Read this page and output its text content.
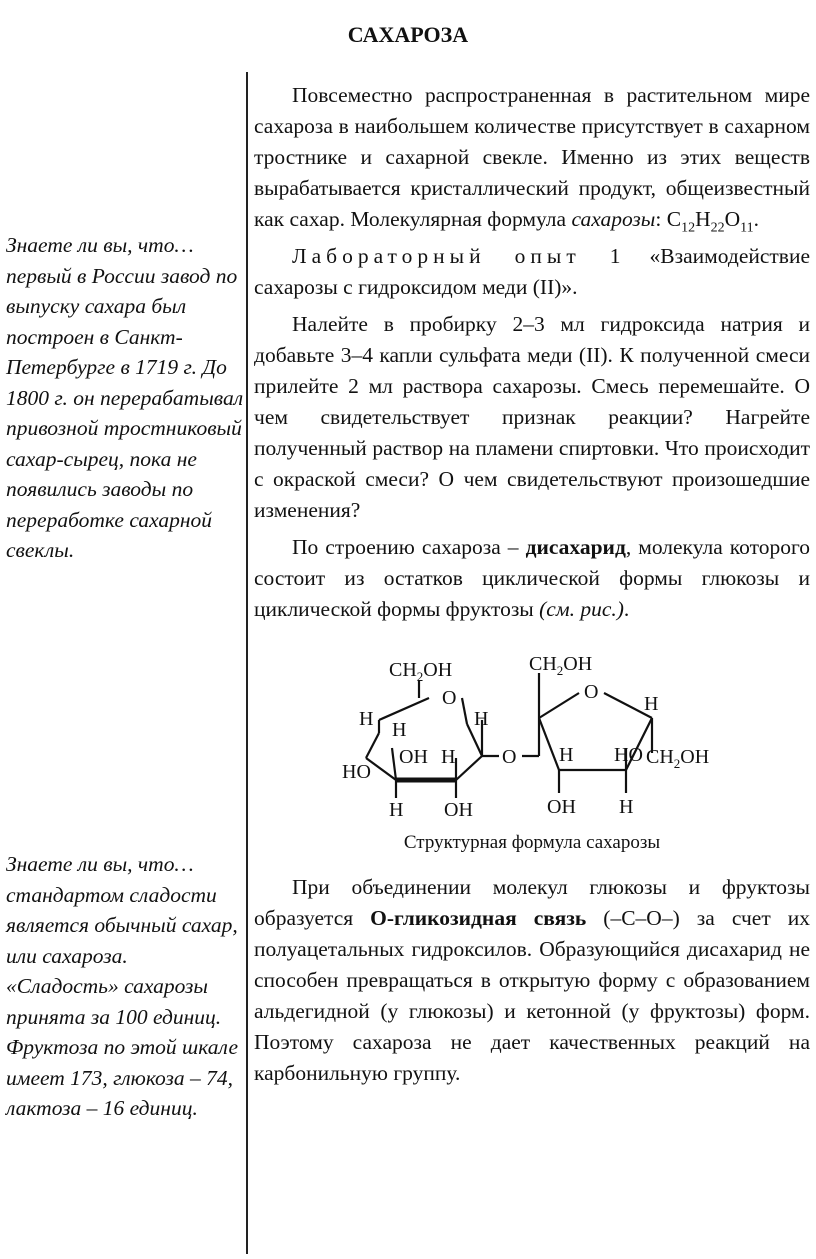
САХАРОЗА

Знаете ли вы, что… первый в России завод по выпуску сахара был построен в Санкт-Петербурге в 1719 г. До 1800 г. он перерабатывал привозной тростниковый сахар-сырец, пока не появились заводы по переработке сахарной свеклы.

Знаете ли вы, что… стандартом сладости является обычный сахар, или сахароза. «Сладость» сахарозы принята за 100 единиц. Фруктоза по этой шкале имеет 173, глюкоза – 74, лактоза – 16 единиц.

Повсеместно распространенная в растительном мире сахароза в наибольшем количестве присутствует в сахарном тростнике и сахарной свекле. Именно из этих веществ вырабатывается кристаллический продукт, общеизвестный как сахар. Молекулярная формула сахарозы: $C_{12}H_{22}O_{11}$.

Лабораторный опыт 1 «Взаимодействие сахарозы с гидроксидом меди (II)».

Налейте в пробирку 2–3 мл гидроксида натрия и добавьте 3–4 капли сульфата меди (II). К полученной смеси прилейте 2 мл раствора сахарозы. Смесь перемешайте. О чем свидетельствует признак реакции? Нагрейте полученный раствор на пламени спиртовки. Что происходит с окраской смеси? О чем свидетельствуют произошедшие изменения?

По строению сахароза – дисахарид, молекула которого состоит из остатков циклической формы глюкозы и циклической формы фруктозы (см. рис.).

$CH_2OH$
O
H H	H
OH H
HO
H OH
O
$CH_2OH$
O
H
H HO $CH_2OH$
OH H
Структурная формула сахарозы

При объединении молекул глюкозы и фруктозы образуется О-гликозидная связь (–С–О–) за счет их полуацетальных гидроксилов. Образующийся дисахарид не способен превращаться в открытую форму с образованием альдегидной (у глюкозы) и кетонной (у фруктозы) форм. Поэтому сахароза не дает качественных реакций на карбонильную группу.
